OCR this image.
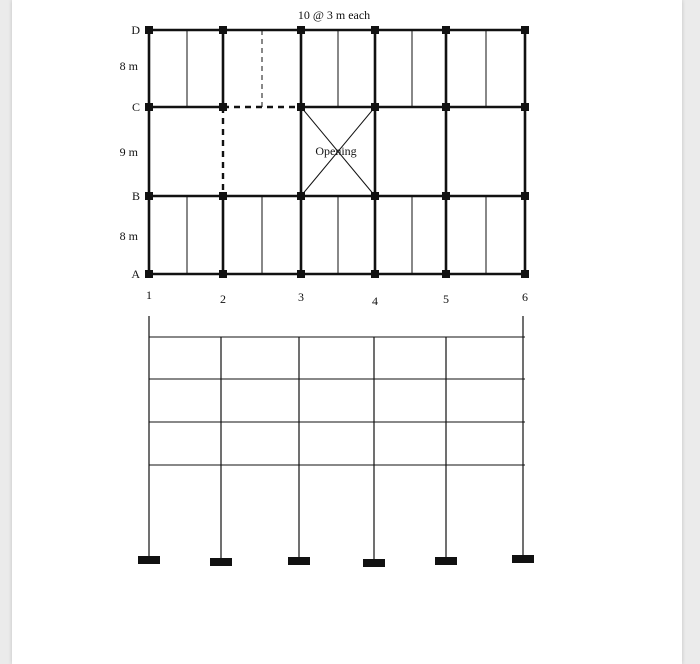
10 @ 3 m each
Opening
D
C
B
A
8 m
9 m
8 m
1	2	3	4	5	6
